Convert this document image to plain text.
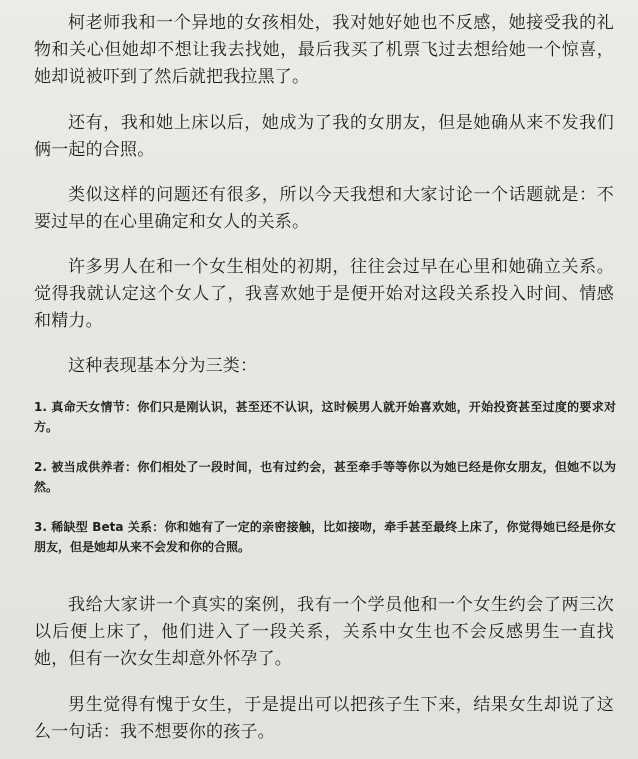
柯老师我和一个异地的女孩相处，我对她好她也不反感，她接受我的礼物和关心但她却不想让我去找她，最后我买了机票飞过去想给她一个惊喜，她却说被吓到了然后就把我拉黑了。

还有，我和她上床以后，她成为了我的女朋友，但是她确从来不发我们俩一起的合照。

类似这样的问题还有很多，所以今天我想和大家讨论一个话题就是：不要过早的在心里确定和女人的关系。

许多男人在和一个女生相处的初期，往往会过早在心里和她确立关系。觉得我就认定这个女人了，我喜欢她于是便开始对这段关系投入时间、情感和精力。

这种表现基本分为三类：

1. 真命天女情节：你们只是刚认识，甚至还不认识，这时候男人就开始喜欢她，开始投资甚至过度的要求对方。

2. 被当成供养者：你们相处了一段时间，也有过约会，甚至牵手等等你以为她已经是你女朋友，但她不以为然。

3. 稀缺型 Beta 关系：你和她有了一定的亲密接触，比如接吻，牵手甚至最终上床了，你觉得她已经是你女朋友，但是她却从来不会发和你的合照。

我给大家讲一个真实的案例，我有一个学员他和一个女生约会了两三次以后便上床了，他们进入了一段关系，关系中女生也不会反感男生一直找她，但有一次女生却意外怀孕了。

男生觉得有愧于女生，于是提出可以把孩子生下来，结果女生却说了这么一句话：我不想要你的孩子。
